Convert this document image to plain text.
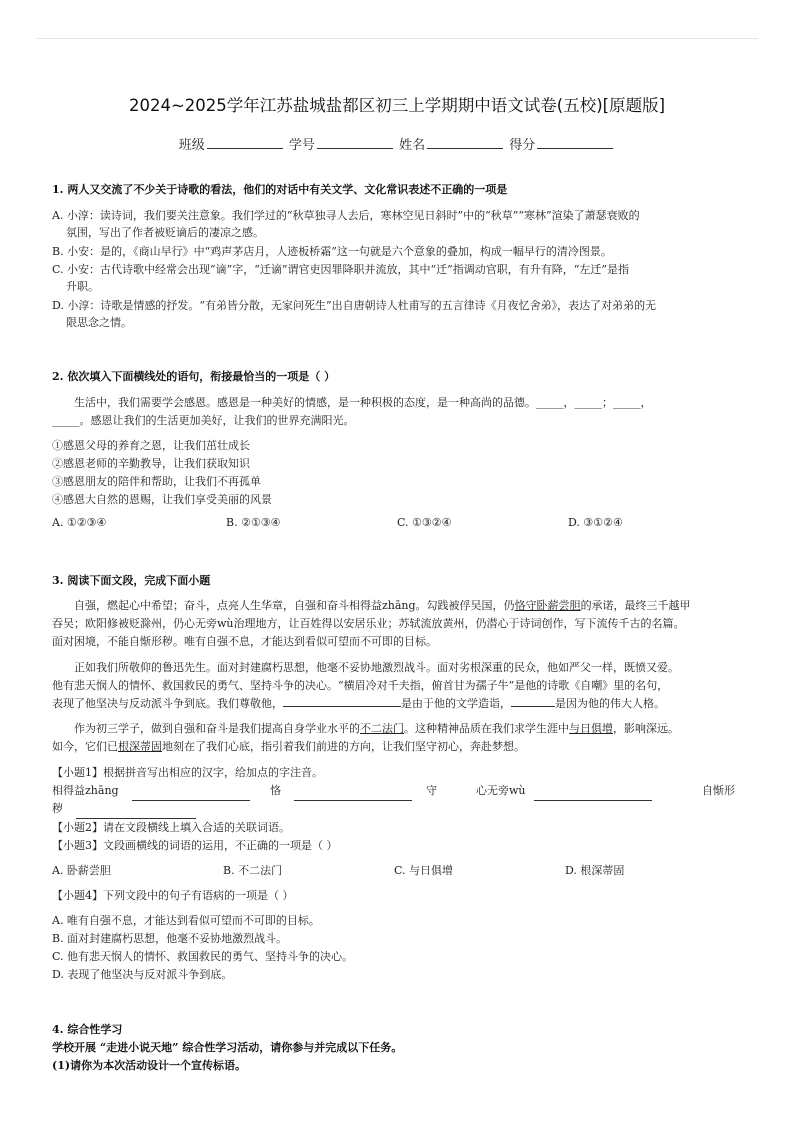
2024~2025学年江苏盐城盐都区初三上学期期中语文试卷(五校)[原题版]
班级	学号	姓名	得分
1. 两人又交流了不少关于诗歌的看法，他们的对话中有关文学、文化常识表述不正确的一项是
A. 小淳：读诗词，我们要关注意象。我们学过的“秋草独寻人去后，寒林空见日斜时”中的“秋草”“寒林”渲染了萧瑟衰败的
氛围，写出了作者被贬谪后的凄凉之感。
B. 小安：是的，《商山早行》中“鸡声茅店月，人迹板桥霜”这一句就是六个意象的叠加，构成一幅早行的清冷图景。
C. 小安：古代诗歌中经常会出现“谪”字，“迁谪”谓官吏因罪降职并流放，其中“迁”指调动官职，有升有降，“左迁”是指
升职。
D. 小淳：诗歌是情感的抒发。“有弟皆分散，无家问死生”出自唐朝诗人杜甫写的五言律诗《月夜忆舍弟》，表达了对弟弟的无
限思念之情。
2. 依次填入下面横线处的语句，衔接最恰当的一项是（ ）
生活中，我们需要学会感恩。感恩是一种美好的情感，是一种积极的态度，是一种高尚的品德。_____，_____；_____，
_____。感恩让我们的生活更加美好，让我们的世界充满阳光。
①感恩父母的养育之恩，让我们茁壮成长
②感恩老师的辛勤教导，让我们获取知识
③感恩朋友的陪伴和帮助，让我们不再孤单
④感恩大自然的恩赐，让我们享受美丽的风景
A. ①②③④	B. ②①③④	C. ①③②④	D. ③①②④
3. 阅读下面文段，完成下面小题
自强，燃起心中希望；奋斗，点亮人生华章，自强和奋斗相得益zhāng。勾践被俘吴国，仍恪守卧薪尝胆的承诺，最终三千越甲
吞吴；欧阳修被贬滁州，仍心无旁wù治理地方，让百姓得以安居乐业；苏轼流放黄州，仍潜心于诗词创作，写下流传千古的名篇。
面对困境，不能自惭形秽。唯有自强不息，才能达到看似可望而不可即的目标。
正如我们所敬仰的鲁迅先生。面对封建腐朽思想，他毫不妥协地激烈战斗。面对劣根深重的民众，他如严父一样，既愤又爱。
他有悲天悯人的情怀、救国救民的勇气、坚持斗争的决心。“横眉冷对千夫指，俯首甘为孺子牛”是他的诗歌《自嘲》里的名句，
表现了他坚决与反动派斗争到底。我们尊敬他，	是由于他的文学造诣，	是因为他的伟大人格。
作为初三学子，做到自强和奋斗是我们提高自身学业水平的不二法门。这种精神品质在我们求学生涯中与日俱增，影响深远。
如今，它们已根深蒂固地刻在了我们心底，指引着我们前进的方向，让我们坚守初心，奔赴梦想。
【小题1】根据拼音写出相应的汉字，给加点的字注音。
相得益zhāng	恪	守	心无旁wù	自惭形
秽
【小题2】请在文段横线上填入合适的关联词语。
【小题3】文段画横线的词语的运用，不正确的一项是（ ）
A. 卧薪尝胆	B. 不二法门	C. 与日俱增	D. 根深蒂固
【小题4】下列文段中的句子有语病的一项是（ ）
A. 唯有自强不息，才能达到看似可望而不可即的目标。
B. 面对封建腐朽思想，他毫不妥协地激烈战斗。
C. 他有悲天悯人的情怀、救国救民的勇气、坚持斗争的决心。
D. 表现了他坚决与反对派斗争到底。
4. 综合性学习
学校开展 “走进小说天地” 综合性学习活动，请你参与并完成以下任务。
(1)请你为本次活动设计一个宣传标语。
